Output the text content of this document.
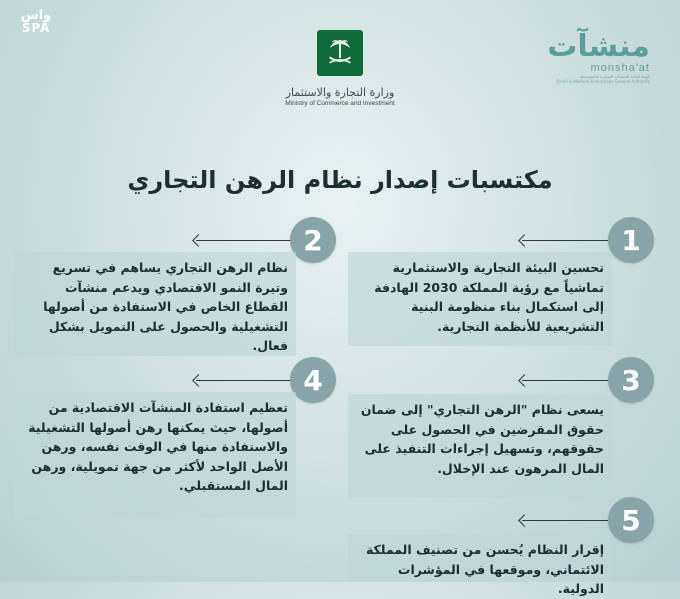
واس
SPA
وزارة التجارة والاستثمار
Ministry of Commerce and Investment
منشآت
monsha'at
الهيئة العامة للمنشآت الصغيرة والمتوسطة
Small & Medium Enterprises General Authority
مكتسبات إصدار نظام الرهن التجاري
1
تحسين البيئة التجارية والاستثمارية تماشياً مع رؤية المملكة 2030 الهادفة إلى استكمال بناء منظومة البنية التشريعية للأنظمة التجارية.
2
نظام الرهن التجاري يساهم في تسريع وتيرة النمو الاقتصادي ويدعم منشآت القطاع الخاص في الاستفادة من أصولها التشغيلية والحصول على التمويل بشكل فعال.
3
يسعى نظام "الرهن التجاري" إلى ضمان حقوق المقرضين في الحصول على حقوقهم، وتسهيل إجراءات التنفيذ على المال المرهون عند الإخلال.
4
تعظيم استفادة المنشآت الاقتصادية من أصولها، حيث يمكنها رهن أصولها التشغيلية والاستفادة منها في الوقت نفسه، ورهن الأصل الواحد لأكثر من جهة تمويلية، ورهن المال المستقبلي.
5
إقرار النظام يُحسن من تصنيف المملكة الائتماني، وموقعها في المؤشرات الدولية.
